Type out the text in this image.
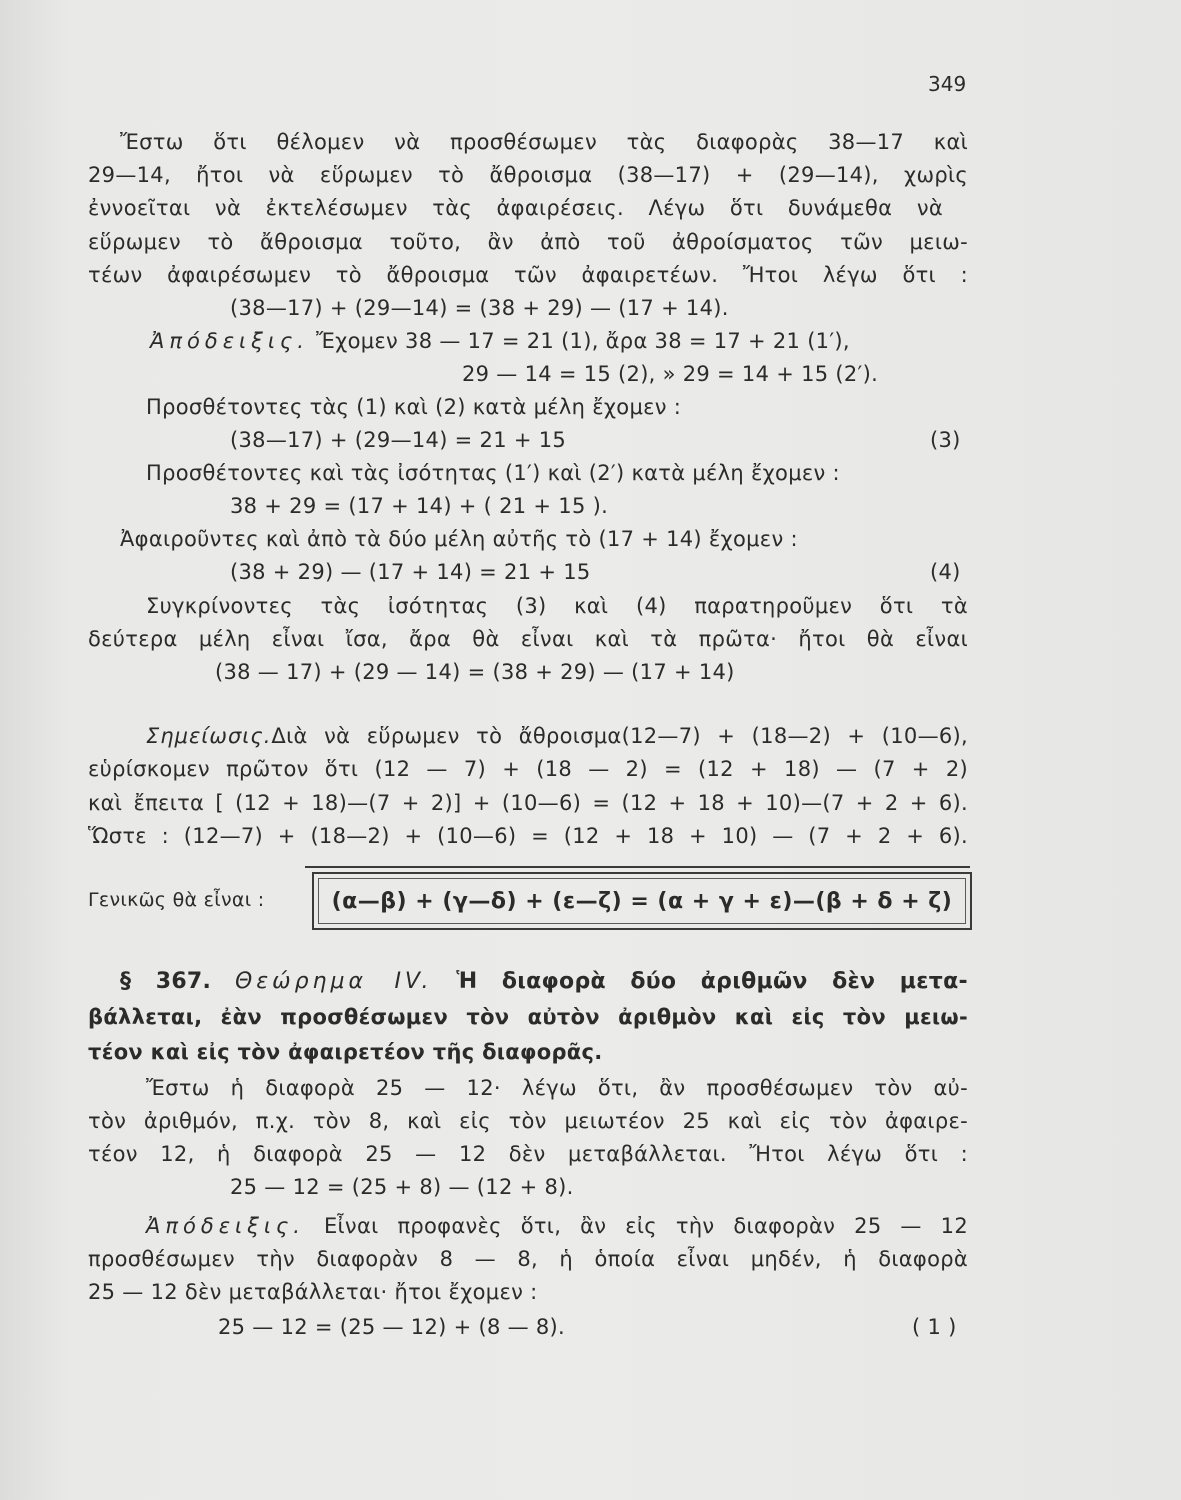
349
Ἔστω ὅτι θέλομεν νὰ προσθέσωμεν τὰς διαφορὰς 38—17 καὶ
29—14, ἤτοι νὰ εὕρωμεν τὸ ἄθροισμα (38—17) + (29—14), χωρὶς
ἐννοεῖται νὰ ἐκτελέσωμεν τὰς ἀφαιρέσεις. Λέγω ὅτι δυνάμεθα νὰ
εὕρωμεν τὸ ἄθροισμα τοῦτο, ἂν ἀπὸ τοῦ ἀθροίσματος τῶν μειω-
τέων ἀφαιρέσωμεν τὸ ἄθροισμα τῶν ἀφαιρετέων. Ἤτοι λέγω ὅτι :
(38—17) + (29—14) = (38 + 29) — (17 + 14).
Ἀπόδειξις. Ἔχομεν 38 — 17 = 21 (1), ἄρα 38 = 17 + 21 (1′),
29 — 14 = 15 (2), » 29 = 14 + 15 (2′).
Προσθέτοντες τὰς (1) καὶ (2) κατὰ μέλη ἔχομεν :
(38—17) + (29—14) = 21 + 15	(3)
Προσθέτοντες καὶ τὰς ἰσότητας (1′) καὶ (2′) κατὰ μέλη ἔχομεν :
38 + 29 = (17 + 14) + ( 21 + 15 ).
Ἀφαιροῦντες καὶ ἀπὸ τὰ δύο μέλη αὐτῆς τὸ (17 + 14) ἔχομεν :
(38 + 29) — (17 + 14) = 21 + 15	(4)
Συγκρίνοντες τὰς ἰσότητας (3) καὶ (4) παρατηροῦμεν ὅτι τὰ
δεύτερα μέλη εἶναι ἴσα, ἄρα θὰ εἶναι καὶ τὰ πρῶτα· ἤτοι θὰ εἶναι
(38 — 17) + (29 — 14) = (38 + 29) — (17 + 14)
Σημείωσις.Διὰ νὰ εὕρωμεν τὸ ἄθροισμα(12—7) + (18—2) + (10—6),
εὑρίσκομεν πρῶτον ὅτι (12 — 7) + (18 — 2) = (12 + 18) — (7 + 2)
καὶ ἔπειτα [ (12 + 18)—(7 + 2)] + (10—6) = (12 + 18 + 10)—(7 + 2 + 6).
Ὥστε : (12—7) + (18—2) + (10—6) = (12 + 18 + 10) — (7 + 2 + 6).
Γενικῶς θὰ εἶναι :	(α—β) + (γ—δ) + (ε—ζ) = (α + γ + ε)—(β + δ + ζ)
§ 367. Θεώρημα IV. Ἡ διαφορὰ δύο ἀριθμῶν δὲν μετα-
βάλλεται, ἐὰν προσθέσωμεν τὸν αὐτὸν ἀριθμὸν καὶ εἰς τὸν μειω-
τέον καὶ εἰς τὸν ἀφαιρετέον τῆς διαφορᾶς.
Ἔστω ἡ διαφορὰ 25 — 12· λέγω ὅτι, ἂν προσθέσωμεν τὸν αὐ-
τὸν ἀριθμόν, π.χ. τὸν 8, καὶ εἰς τὸν μειωτέον 25 καὶ εἰς τὸν ἀφαιρε-
τέον 12, ἡ διαφορὰ 25 — 12 δὲν μεταβάλλεται. Ἤτοι λέγω ὅτι :
25 — 12 = (25 + 8) — (12 + 8).
Ἀπόδειξις. Εἶναι προφανὲς ὅτι, ἂν εἰς τὴν διαφορὰν 25 — 12
προσθέσωμεν τὴν διαφορὰν 8 — 8, ἡ ὁποία εἶναι μηδέν, ἡ διαφορὰ
25 — 12 δὲν μεταβάλλεται· ἤτοι ἔχομεν :
25 — 12 = (25 — 12) + (8 — 8).	( 1 )
